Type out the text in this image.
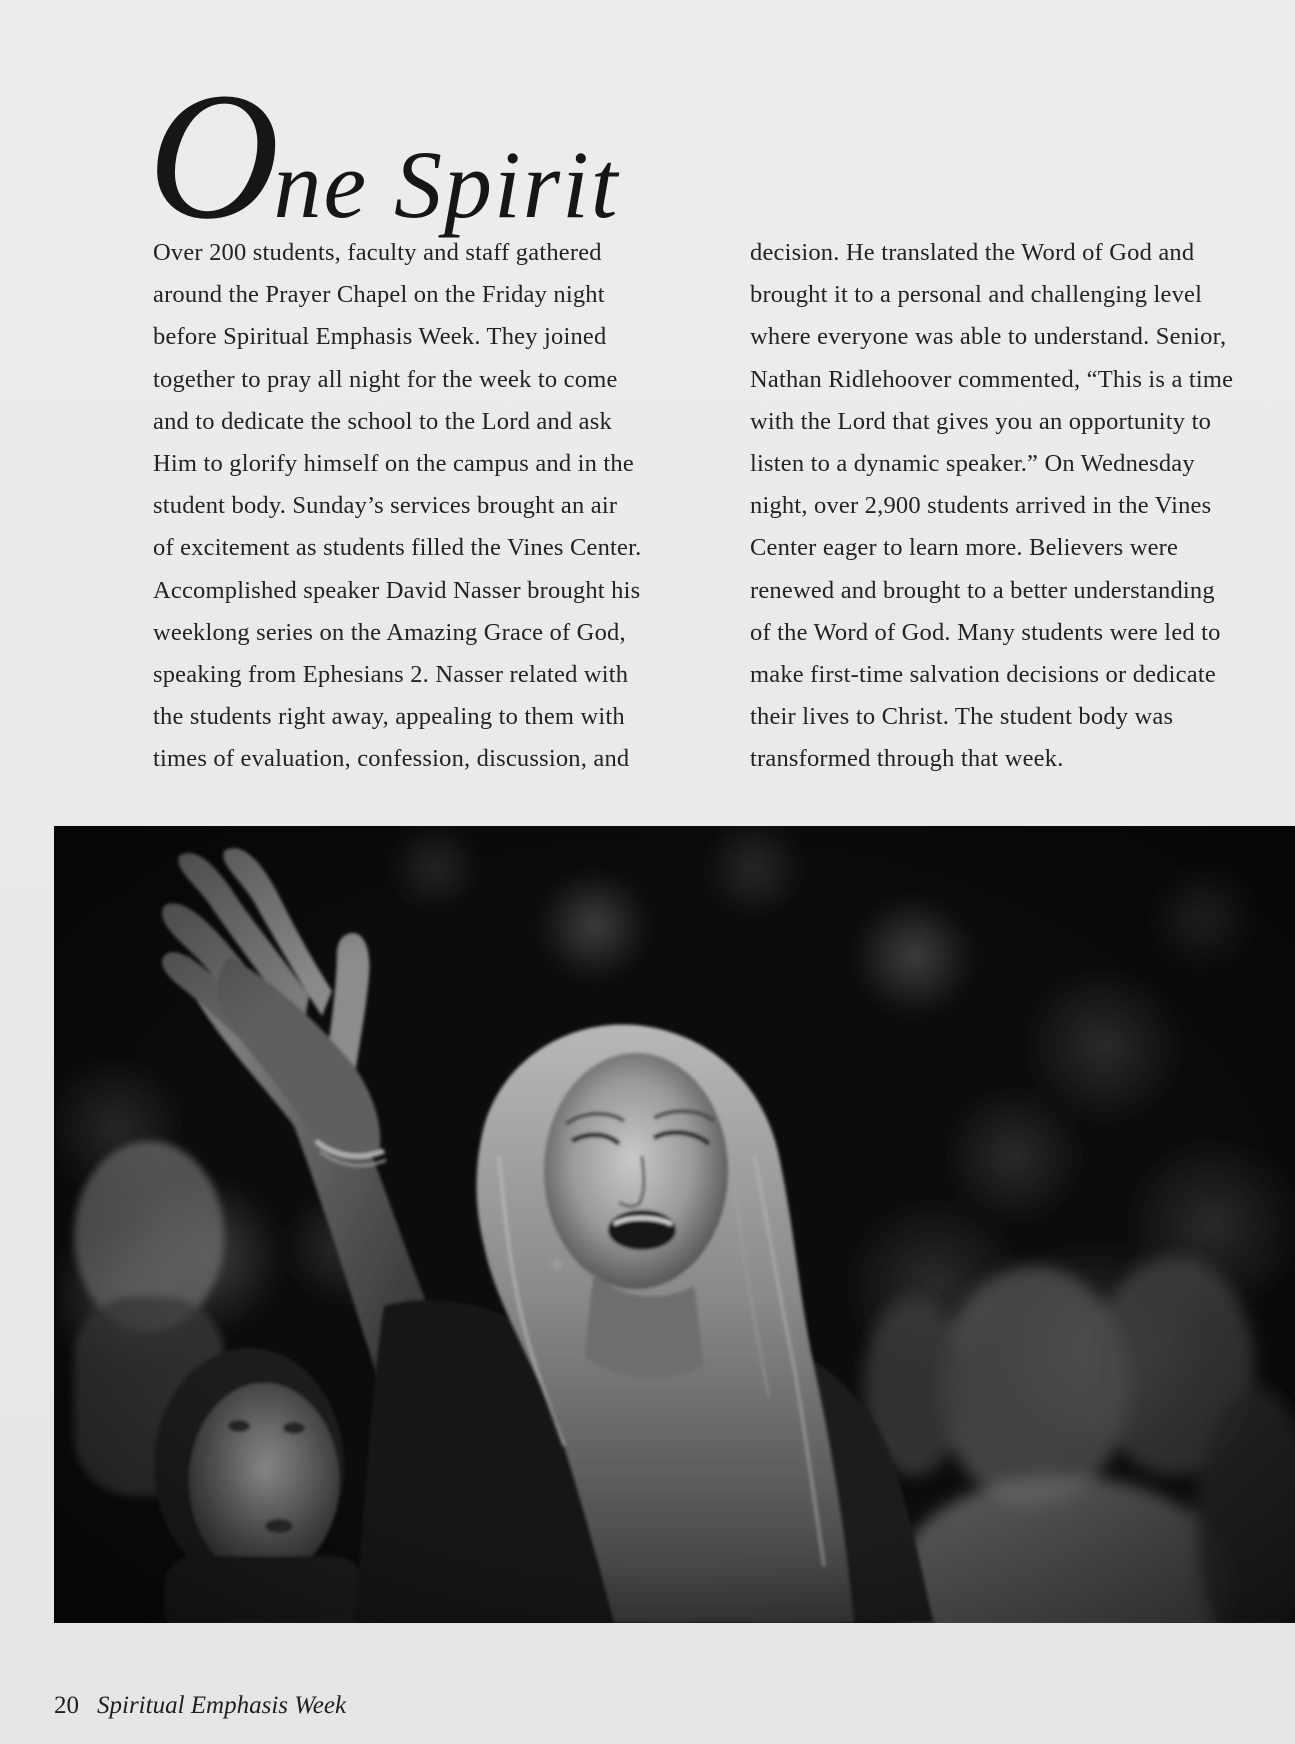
One Spirit
Over 200 students, faculty and staff gathered
around the Prayer Chapel on the Friday night
before Spiritual Emphasis Week. They joined
together to pray all night for the week to come
and to dedicate the school to the Lord and ask
Him to glorify himself on the campus and in the
student body. Sunday’s services brought an air
of excitement as students filled the Vines Center.
Accomplished speaker David Nasser brought his
weeklong series on the Amazing Grace of God,
speaking from Ephesians 2. Nasser related with
the students right away, appealing to them with
times of evaluation, confession, discussion, and
decision. He translated the Word of God and
brought it to a personal and challenging level
where everyone was able to understand. Senior,
Nathan Ridlehoover commented, “This is a time
with the Lord that gives you an opportunity to
listen to a dynamic speaker.” On Wednesday
night, over 2,900 students arrived in the Vines
Center eager to learn more. Believers were
renewed and brought to a better understanding
of the Word of God. Many students were led to
make first-time salvation decisions or dedicate
their lives to Christ. The student body was
transformed through that week.
20 Spiritual Emphasis Week
